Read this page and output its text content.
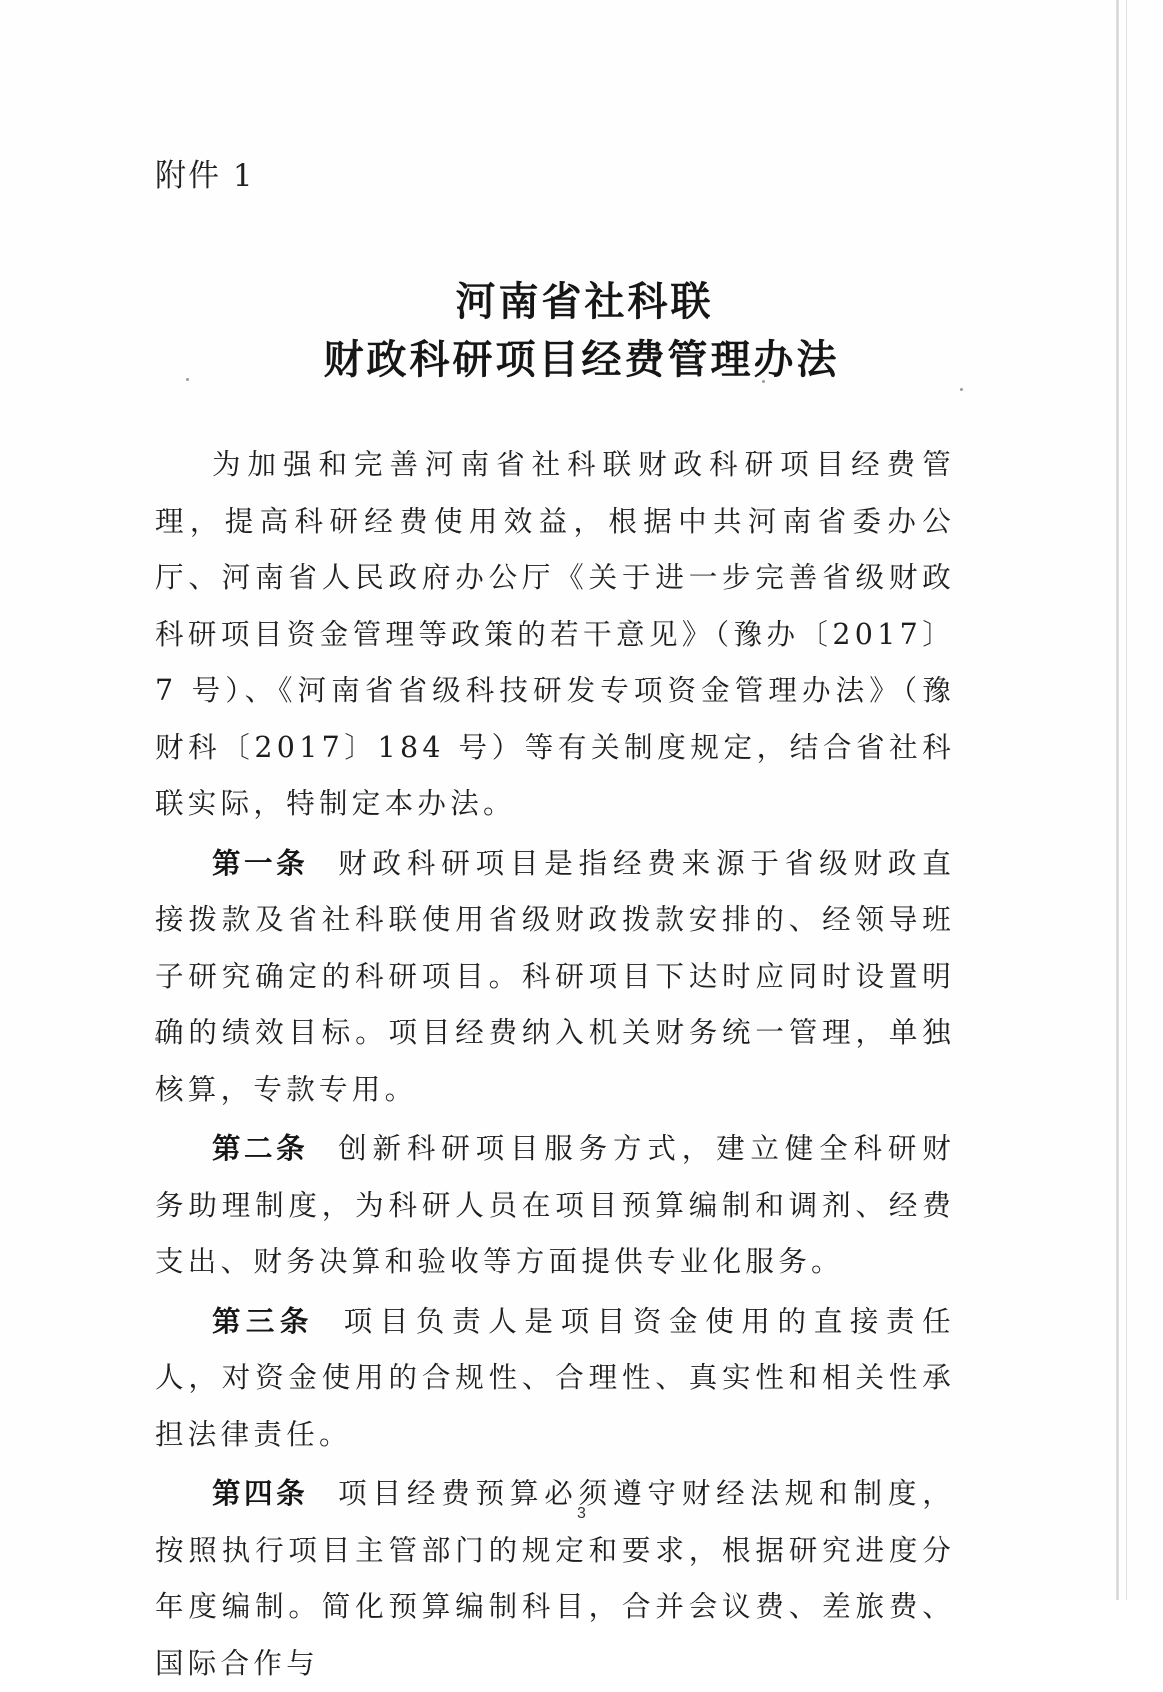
附件 1
河南省社科联
财政科研项目经费管理办法

为加强和完善河南省社科联财政科研项目经费管理，提高科研经费使用效益，根据中共河南省委办公厅、河南省人民政府办公厅《关于进一步完善省级财政科研项目资金管理等政策的若干意见》（豫办〔2017〕7 号）、《河南省省级科技研发专项资金管理办法》（豫财科〔2017〕184 号）等有关制度规定，结合省社科联实际，特制定本办法。

第一条 财政科研项目是指经费来源于省级财政直接拨款及省社科联使用省级财政拨款安排的、经领导班子研究确定的科研项目。科研项目下达时应同时设置明确的绩效目标。项目经费纳入机关财务统一管理，单独核算，专款专用。

第二条 创新科研项目服务方式，建立健全科研财务助理制度，为科研人员在项目预算编制和调剂、经费支出、财务决算和验收等方面提供专业化服务。

第三条 项目负责人是项目资金使用的直接责任人，对资金使用的合规性、合理性、真实性和相关性承担法律责任。

第四条 项目经费预算必须遵守财经法规和制度，按照执行项目主管部门的规定和要求，根据研究进度分年度编制。简化预算编制科目，合并会议费、差旅费、国际合作与

3
